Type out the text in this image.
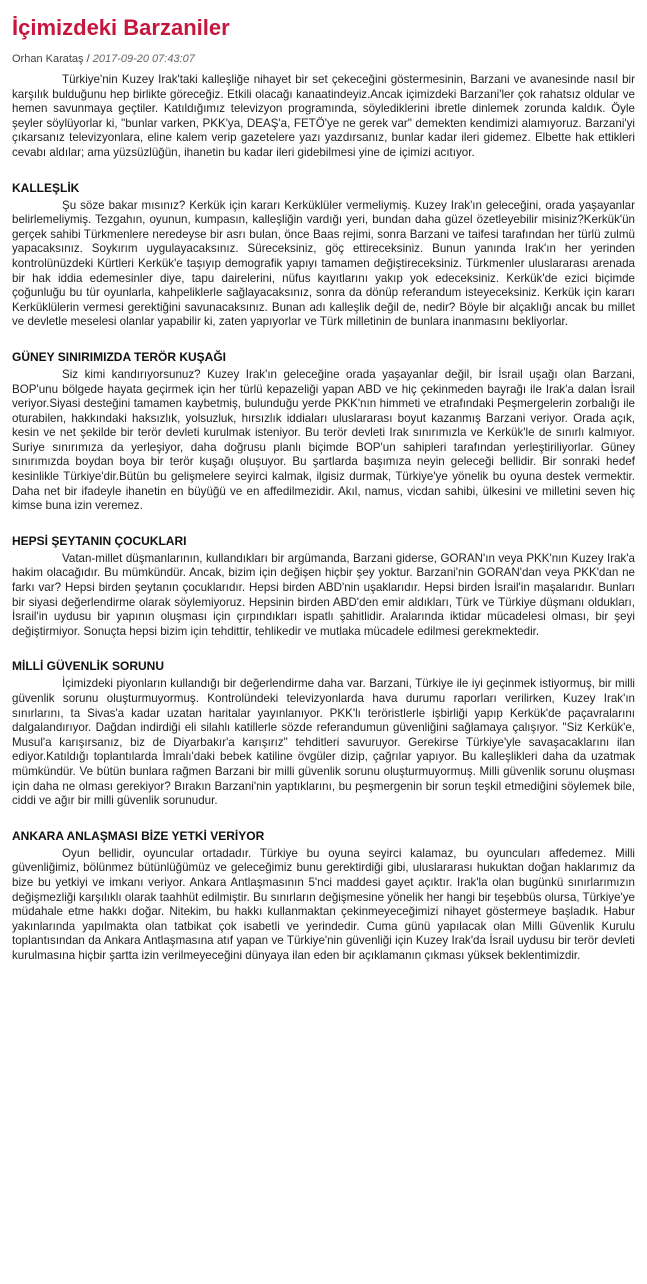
İçimizdeki Barzaniler
Orhan Karataş / 2017-09-20 07:43:07

Türkiye'nin Kuzey Irak'taki kalleşliğe nihayet bir set çekeceğini göstermesinin, Barzani ve avanesinde nasıl bir karşılık bulduğunu hep birlikte göreceğiz. Etkili olacağı kanaatindeyiz.Ancak içimizdeki Barzani'ler çok rahatsız oldular ve hemen savunmaya geçtiler. Katıldığımız televizyon programında, söylediklerini ibretle dinlemek zorunda kaldık. Öyle şeyler söylüyorlar ki, "bunlar varken, PKK'ya, DEAŞ'a, FETÖ'ye ne gerek var" demekten kendimizi alamıyoruz. Barzani'yi çıkarsanız televizyonlara, eline kalem verip gazetelere yazı yazdırsanız, bunlar kadar ileri gidemez. Elbette hak ettikleri cevabı aldılar; ama yüzsüzlüğün, ihanetin bu kadar ileri gidebilmesi yine de içimizi acıtıyor.

KALLEŞLİK

Şu söze bakar mısınız? Kerkük için kararı Kerküklüler vermeliymiş. Kuzey Irak'ın geleceğini, orada yaşayanlar belirlemeliymiş. Tezgahın, oyunun, kumpasın, kalleşliğin vardığı yeri, bundan daha güzel özetleyebilir misiniz?Kerkük'ün gerçek sahibi Türkmenlere neredeyse bir asrı bulan, önce Baas rejimi, sonra Barzani ve taifesi tarafından her türlü zulmü yapacaksınız. Soykırım uygulayacaksınız. Süreceksiniz, göç ettireceksiniz. Bunun yanında Irak'ın her yerinden kontrolünüzdeki Kürtleri Kerkük'e taşıyıp demografik yapıyı tamamen değiştireceksiniz. Türkmenler uluslararası arenada bir hak iddia edemesinler diye, tapu dairelerini, nüfus kayıtlarını yakıp yok edeceksiniz. Kerkük'de ezici biçimde çoğunluğu bu tür oyunlarla, kahpeliklerle sağlayacaksınız, sonra da dönüp referandum isteyeceksiniz. Kerkük için kararı Kerküklülerin vermesi gerektiğini savunacaksınız. Bunan adı kalleşlik değil de, nedir? Böyle bir alçaklığı ancak bu millet ve devletle meselesi olanlar yapabilir ki, zaten yapıyorlar ve Türk milletinin de bunlara inanmasını bekliyorlar.

GÜNEY SINIRIMIZDA TERÖR KUŞAĞI

Siz kimi kandırıyorsunuz? Kuzey Irak'ın geleceğine orada yaşayanlar değil, bir İsrail uşağı olan Barzani, BOP'unu bölgede hayata geçirmek için her türlü kepazeliği yapan ABD ve hiç çekinmeden bayrağı ile Irak'a dalan İsrail veriyor.Siyasi desteğini tamamen kaybetmiş, bulunduğu yerde PKK'nın himmeti ve etrafındaki Peşmergelerin zorbalığı ile oturabilen, hakkındaki haksızlık, yolsuzluk, hırsızlık iddiaları uluslararası boyut kazanmış Barzani veriyor. Orada açık, kesin ve net şekilde bir terör devleti kurulmak isteniyor. Bu terör devleti Irak sınırımızla ve Kerkük'le de sınırlı kalmıyor. Suriye sınırımıza da yerleşiyor, daha doğrusu planlı biçimde BOP'un sahipleri tarafından yerleştiriliyorlar. Güney sınırımızda boydan boya bir terör kuşağı oluşuyor. Bu şartlarda başımıza neyin geleceği bellidir. Bir sonraki hedef kesinlikle Türkiye'dir.Bütün bu gelişmelere seyirci kalmak, ilgisiz durmak, Türkiye'ye yönelik bu oyuna destek vermektir. Daha net bir ifadeyle ihanetin en büyüğü ve en affedilmezidir. Akıl, namus, vicdan sahibi, ülkesini ve milletini seven hiç kimse buna izin veremez.

HEPSİ ŞEYTANIN ÇOCUKLARI

Vatan-millet düşmanlarının, kullandıkları bir argümanda, Barzani giderse, GORAN'ın veya PKK'nın Kuzey Irak'a hakim olacağıdır. Bu mümkündür. Ancak, bizim için değişen hiçbir şey yoktur. Barzani'nin GORAN'dan veya PKK'dan ne farkı var? Hepsi birden şeytanın çocuklarıdır. Hepsi birden ABD'nin uşaklarıdır. Hepsi birden İsrail'in maşalarıdır. Bunları bir siyasi değerlendirme olarak söylemiyoruz. Hepsinin birden ABD'den emir aldıkları, Türk ve Türkiye düşmanı oldukları, İsrail'in uydusu bir yapının oluşması için çırpındıkları ispatlı şahitlidir. Aralarında iktidar mücadelesi olması, bir şeyi değiştirmiyor. Sonuçta hepsi bizim için tehdittir, tehlikedir ve mutlaka mücadele edilmesi gerekmektedir.

MİLLİ GÜVENLİK SORUNU

İçimizdeki piyonların kullandığı bir değerlendirme daha var. Barzani, Türkiye ile iyi geçinmek istiyormuş, bir milli güvenlik sorunu oluşturmuyormuş. Kontrolündeki televizyonlarda hava durumu raporları verilirken, Kuzey Irak'ın sınırlarını, ta Sivas'a kadar uzatan haritalar yayınlanıyor. PKK'lı teröristlerle işbirliği yapıp Kerkük'de paçavralarını dalgalandırıyor. Dağdan indirdiği eli silahlı katillerle sözde referandumun güvenliğini sağlamaya çalışıyor. "Siz Kerkük'e, Musul'a karışırsanız, biz de Diyarbakır'a karışırız" tehditleri savuruyor. Gerekirse Türkiye'yle savaşacaklarını ilan ediyor.Katıldığı toplantılarda İmralı'daki bebek katiline övgüler dizip, çağrılar yapıyor. Bu kalleşlikleri daha da uzatmak mümkündür. Ve bütün bunlara rağmen Barzani bir milli güvenlik sorunu oluşturmuyormuş. Milli güvenlik sorunu oluşması için daha ne olması gerekiyor? Bırakın Barzani'nin yaptıklarını, bu peşmergenin bir sorun teşkil etmediğini söylemek bile, ciddi ve ağır bir milli güvenlik sorunudur.

ANKARA ANLAŞMASI BİZE YETKİ VERİYOR

Oyun bellidir, oyuncular ortadadır. Türkiye bu oyuna seyirci kalamaz, bu oyuncuları affedemez. Milli güvenliğimiz, bölünmez bütünlüğümüz ve geleceğimiz bunu gerektirdiği gibi, uluslararası hukuktan doğan haklarımız da bize bu yetkiyi ve imkanı veriyor. Ankara Antlaşmasının 5'nci maddesi gayet açıktır. Irak'la olan bugünkü sınırlarımızın değişmezliği karşılıklı olarak taahhüt edilmiştir. Bu sınırların değişmesine yönelik her hangi bir teşebbüs olursa, Türkiye'ye müdahale etme hakkı doğar. Nitekim, bu hakkı kullanmaktan çekinmeyeceğimizi nihayet göstermeye başladık. Habur yakınlarında yapılmakta olan tatbikat çok isabetli ve yerindedir. Cuma günü yapılacak olan Milli Güvenlik Kurulu toplantısından da Ankara Antlaşmasına atıf yapan ve Türkiye'nin güvenliği için Kuzey Irak'da İsrail uydusu bir terör devleti kurulmasına hiçbir şartta izin verilmeyeceğini dünyaya ilan eden bir açıklamanın çıkması yüksek beklentimizdir.
